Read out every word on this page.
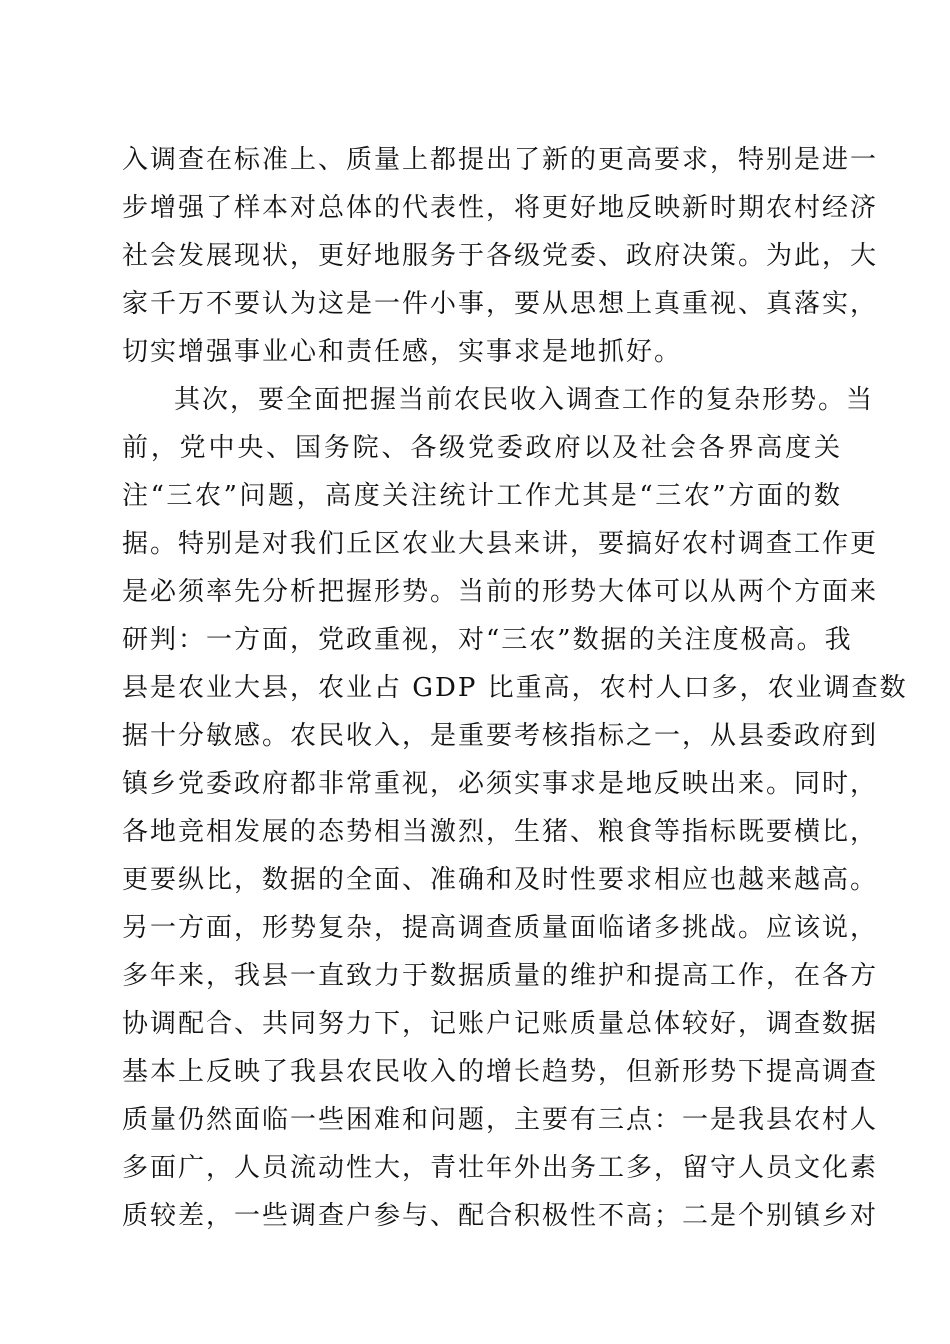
入调查在标准上、质量上都提出了新的更高要求，特别是进一
步增强了样本对总体的代表性，将更好地反映新时期农村经济
社会发展现状，更好地服务于各级党委、政府决策。为此，大
家千万不要认为这是一件小事，要从思想上真重视、真落实，
切实增强事业心和责任感，实事求是地抓好。
其次，要全面把握当前农民收入调查工作的复杂形势。当
前，党中央、国务院、各级党委政府以及社会各界高度关
注“三农”问题，高度关注统计工作尤其是“三农”方面的数
据。特别是对我们丘区农业大县来讲，要搞好农村调查工作更
是必须率先分析把握形势。当前的形势大体可以从两个方面来
研判：一方面，党政重视，对“三农”数据的关注度极高。我
县是农业大县，农业占 GDP 比重高，农村人口多，农业调查数
据十分敏感。农民收入，是重要考核指标之一，从县委政府到
镇乡党委政府都非常重视，必须实事求是地反映出来。同时，
各地竞相发展的态势相当激烈，生猪、粮食等指标既要横比，
更要纵比，数据的全面、准确和及时性要求相应也越来越高。
另一方面，形势复杂，提高调查质量面临诸多挑战。应该说，
多年来，我县一直致力于数据质量的维护和提高工作，在各方
协调配合、共同努力下，记账户记账质量总体较好，调查数据
基本上反映了我县农民收入的增长趋势，但新形势下提高调查
质量仍然面临一些困难和问题，主要有三点：一是我县农村人
多面广，人员流动性大，青壮年外出务工多，留守人员文化素
质较差，一些调查户参与、配合积极性不高；二是个别镇乡对
